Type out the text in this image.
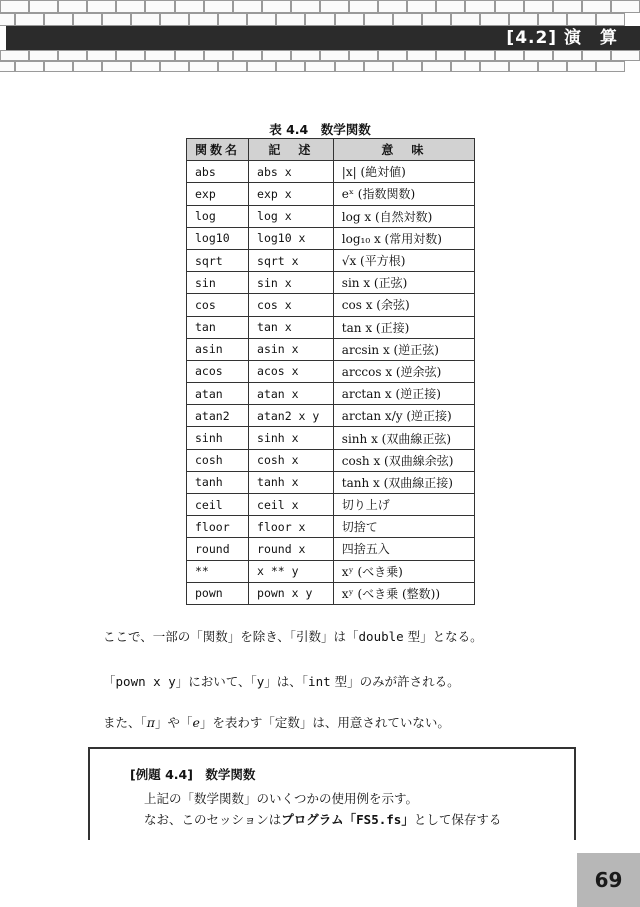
[4.2] 演　算
表 4.4　数学関数
関数名	記　述	意　味
abs	abs x	|x| (絶対値)
exp	exp x	eˣ (指数関数)
log	log x	log x (自然対数)
log10	log10 x	log₁₀ x (常用対数)
sqrt	sqrt x	√x (平方根)
sin	sin x	sin x (正弦)
cos	cos x	cos x (余弦)
tan	tan x	tan x (正接)
asin	asin x	arcsin x (逆正弦)
acos	acos x	arccos x (逆余弦)
atan	atan x	arctan x (逆正接)
atan2	atan2 x y	arctan x/y (逆正接)
sinh	sinh x	sinh x (双曲線正弦)
cosh	cosh x	cosh x (双曲線余弦)
tanh	tanh x	tanh x (双曲線正接)
ceil	ceil x	切り上げ
floor	floor x	切捨て
round	round x	四捨五入
**	x ** y	xʸ (べき乗)
pown	pown x y	xʸ (べき乗 (整数))
ここで、一部の「関数」を除き、「引数」は「double 型」となる。
「pown x y」において、「y」は、「int 型」のみが許される。
また、「π」や「e」を表わす「定数」は、用意されていない。
[例題 4.4]　数学関数
上記の「数学関数」のいくつかの使用例を示す。
なお、このセッションはプログラム「FS5.fs」として保存する
69
